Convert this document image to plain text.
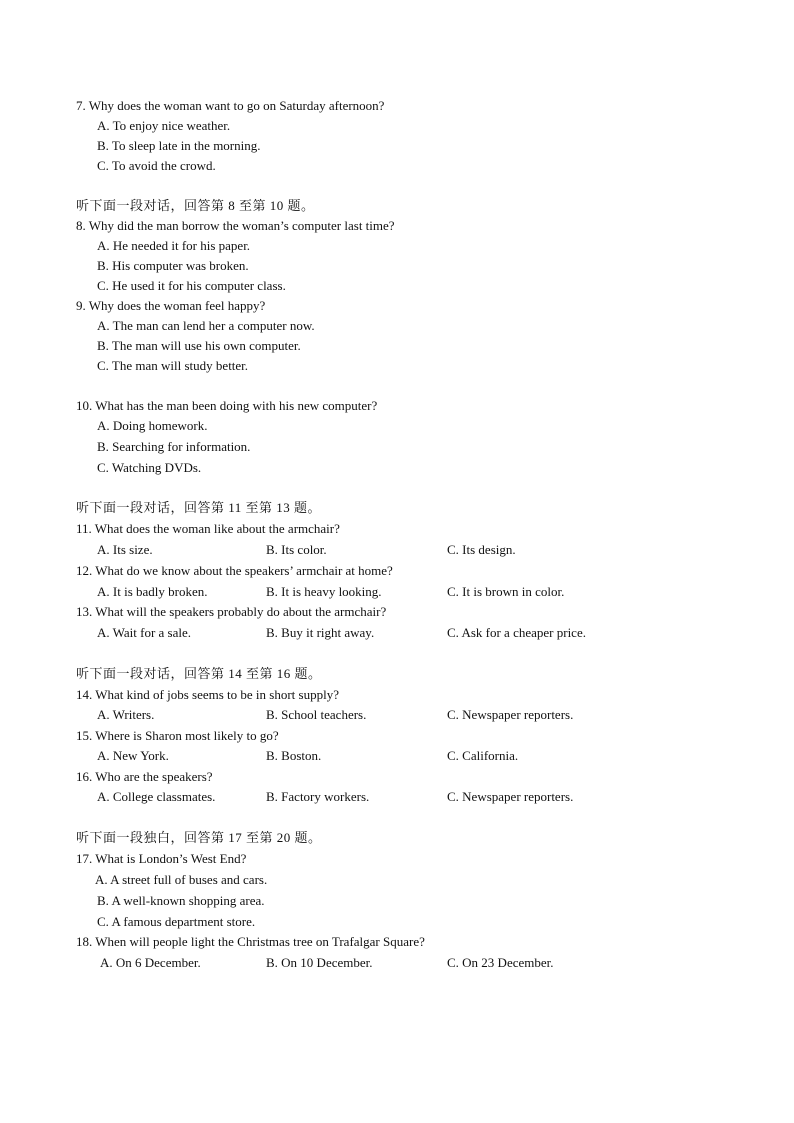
7. Why does the woman want to go on Saturday afternoon?
A. To enjoy nice weather.
B. To sleep late in the morning.
C. To avoid the crowd.
听下面一段对话，回答第 8 至第 10 题。
8. Why did the man borrow the woman’s computer last time?
A. He needed it for his paper.
B. His computer was broken.
C. He used it for his computer class.
9. Why does the woman feel happy?
A. The man can lend her a computer now.
B. The man will use his own computer.
C. The man will study better.
10. What has the man been doing with his new computer?
A. Doing homework.
B. Searching for information.
C. Watching DVDs.
听下面一段对话，回答第 11 至第 13 题。
11. What does the woman like about the armchair?
A. Its size.	B. Its color.	C. Its design.
12. What do we know about the speakers’ armchair at home?
A. It is badly broken.	B. It is heavy looking.	C. It is brown in color.
13. What will the speakers probably do about the armchair?
A. Wait for a sale.	B. Buy it right away.	C. Ask for a cheaper price.
听下面一段对话，回答第 14 至第 16 题。
14. What kind of jobs seems to be in short supply?
A. Writers.	B. School teachers.	C. Newspaper reporters.
15. Where is Sharon most likely to go?
A. New York.	B. Boston.	C. California.
16. Who are the speakers?
A. College classmates.	B. Factory workers.	C. Newspaper reporters.
听下面一段独白，回答第 17 至第 20 题。
17. What is London’s West End?
A. A street full of buses and cars.
B. A well-known shopping area.
C. A famous department store.
18. When will people light the Christmas tree on Trafalgar Square?
A. On 6 December.	B. On 10 December.	C. On 23 December.
